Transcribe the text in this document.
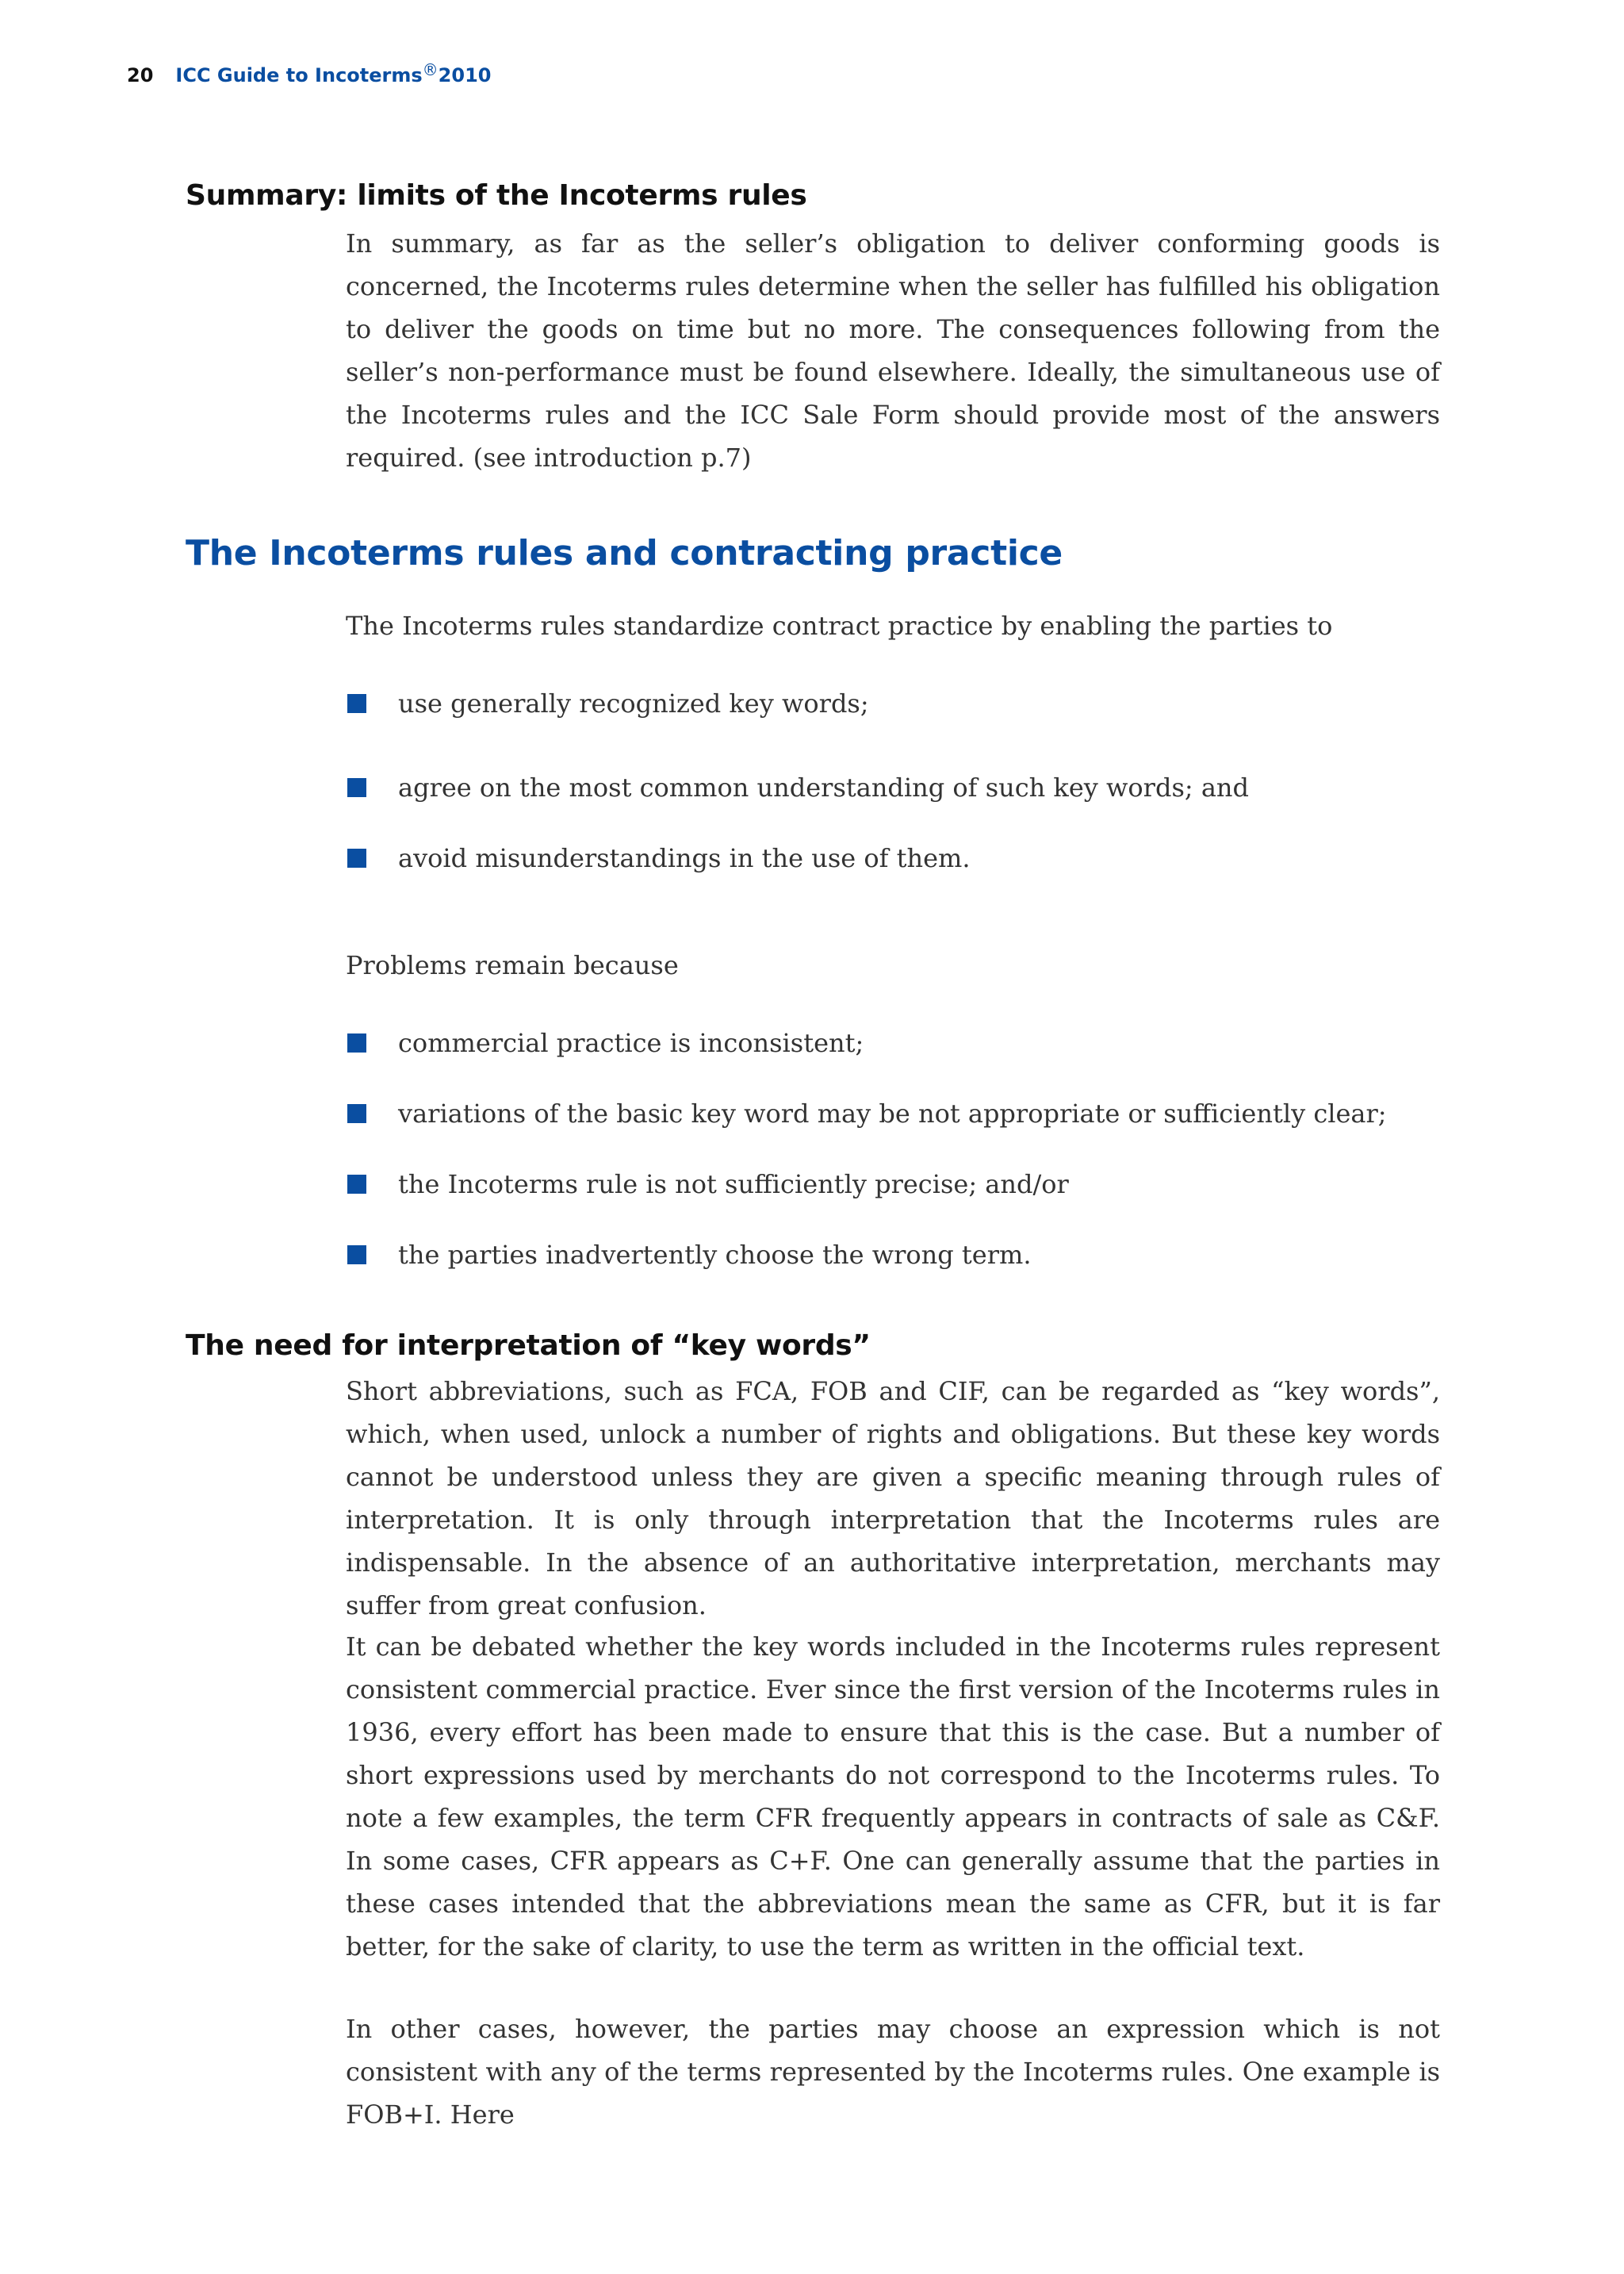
20 ICC Guide to Incoterms®2010
Summary: limits of the Incoterms rules

In summary, as far as the seller’s obligation to deliver conforming goods is concerned, the Incoterms rules determine when the seller has fulfilled his obligation to deliver the goods on time but no more. The consequences following from the seller’s non-performance must be found elsewhere. Ideally, the simultaneous use of the Incoterms rules and the ICC Sale Form should provide most of the answers required. (see introduction p.7)

The Incoterms rules and contracting practice

The Incoterms rules standardize contract practice by enabling the parties to

use generally recognized key words;
agree on the most common understanding of such key words; and
avoid misunderstandings in the use of them.

Problems remain because

commercial practice is inconsistent;
variations of the basic key word may be not appropriate or sufficiently clear;
the Incoterms rule is not sufficiently precise; and/or
the parties inadvertently choose the wrong term.
The need for interpretation of “key words”

Short abbreviations, such as FCA, FOB and CIF, can be regarded as “key words”, which, when used, unlock a number of rights and obligations. But these key words cannot be understood unless they are given a specific meaning through rules of interpretation. It is only through interpretation that the Incoterms rules are indispensable. In the absence of an authoritative interpretation, merchants may suffer from great confusion.

It can be debated whether the key words included in the Incoterms rules represent consistent commercial practice. Ever since the first version of the Incoterms rules in 1936, every effort has been made to ensure that this is the case. But a number of short expressions used by merchants do not correspond to the Incoterms rules. To note a few examples, the term CFR frequently appears in contracts of sale as C&F. In some cases, CFR appears as C+F. One can generally assume that the parties in these cases intended that the abbreviations mean the same as CFR, but it is far better, for the sake of clarity, to use the term as written in the official text.

In other cases, however, the parties may choose an expression which is not consistent with any of the terms represented by the Incoterms rules. One example is FOB+I. Here
